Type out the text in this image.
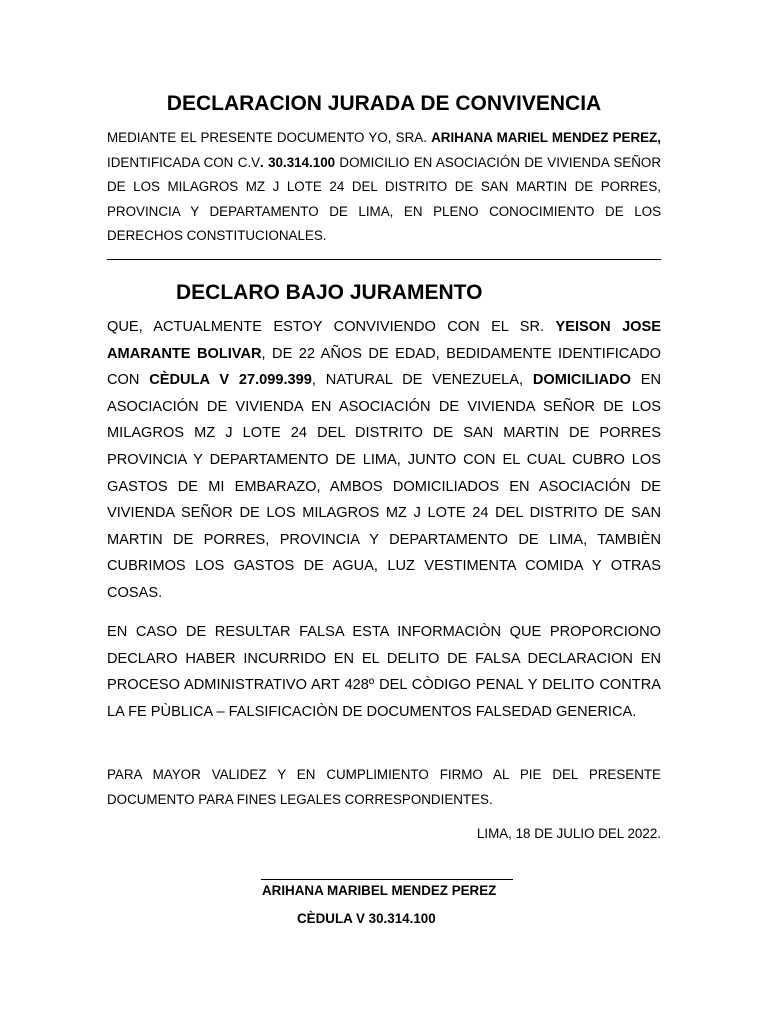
DECLARACION JURADA DE CONVIVENCIA

MEDIANTE EL PRESENTE DOCUMENTO YO, SRA. ARIHANA MARIEL MENDEZ PEREZ, IDENTIFICADA CON C.V. 30.314.100 DOMICILIO EN ASOCIACIÓN DE VIVIENDA SEÑOR DE LOS MILAGROS MZ J LOTE 24 DEL DISTRITO DE SAN MARTIN DE PORRES, PROVINCIA Y DEPARTAMENTO DE LIMA, EN PLENO CONOCIMIENTO DE LOS DERECHOS CONSTITUCIONALES.

DECLARO BAJO JURAMENTO

QUE, ACTUALMENTE ESTOY CONVIVIENDO CON EL SR. YEISON JOSE AMARANTE BOLIVAR, DE 22 AÑOS DE EDAD, BEDIDAMENTE IDENTIFICADO CON CÈDULA V 27.099.399, NATURAL DE VENEZUELA, DOMICILIADO EN ASOCIACIÓN DE VIVIENDA EN ASOCIACIÓN DE VIVIENDA SEÑOR DE LOS MILAGROS MZ J LOTE 24 DEL DISTRITO DE SAN MARTIN DE PORRES PROVINCIA Y DEPARTAMENTO DE LIMA, JUNTO CON EL CUAL CUBRO LOS GASTOS DE MI EMBARAZO, AMBOS DOMICILIADOS EN ASOCIACIÓN DE VIVIENDA SEÑOR DE LOS MILAGROS MZ J LOTE 24 DEL DISTRITO DE SAN MARTIN DE PORRES, PROVINCIA Y DEPARTAMENTO DE LIMA, TAMBIÈN CUBRIMOS LOS GASTOS DE AGUA, LUZ VESTIMENTA COMIDA Y OTRAS COSAS.

EN CASO DE RESULTAR FALSA ESTA INFORMACIÒN QUE PROPORCIONO DECLARO HABER INCURRIDO EN EL DELITO DE FALSA DECLARACION EN PROCESO ADMINISTRATIVO ART 428º DEL CÒDIGO PENAL Y DELITO CONTRA LA FE PÙBLICA – FALSIFICACIÒN DE DOCUMENTOS FALSEDAD GENERICA.

PARA MAYOR VALIDEZ Y EN CUMPLIMIENTO FIRMO AL PIE DEL PRESENTE DOCUMENTO PARA FINES LEGALES CORRESPONDIENTES.

LIMA, 18 DE JULIO DEL 2022.

ARIHANA MARIBEL MENDEZ PEREZ

CÈDULA V 30.314.100
